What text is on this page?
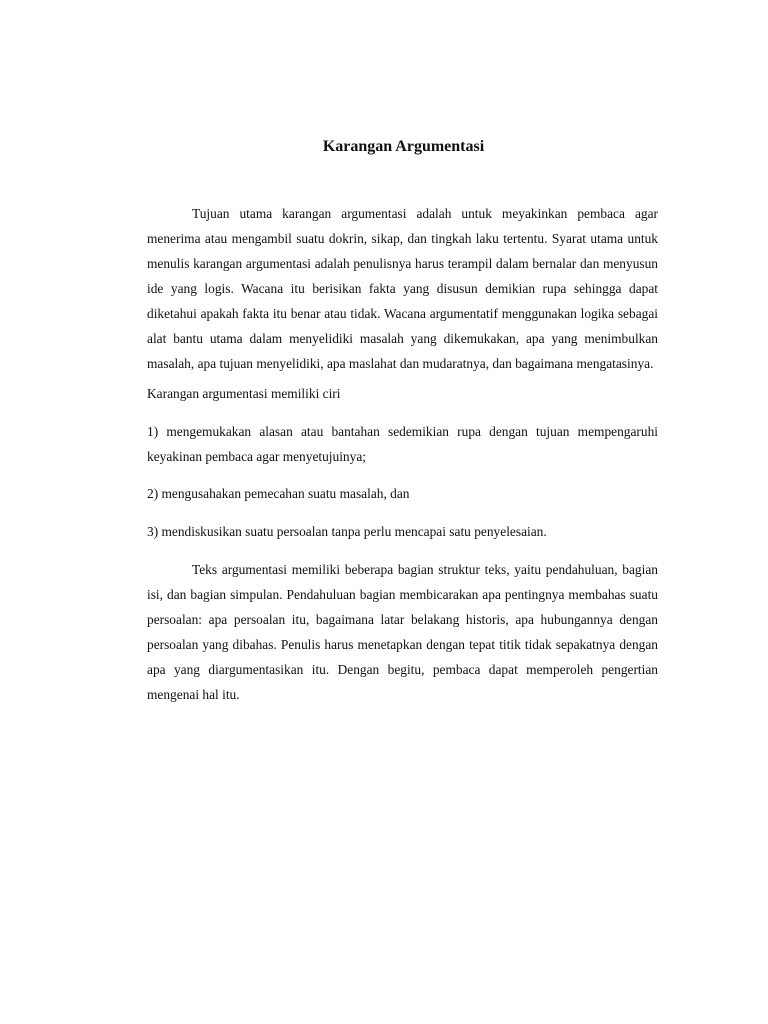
Karangan Argumentasi

Tujuan utama karangan argumentasi adalah untuk meyakinkan pembaca agar menerima atau mengambil suatu dokrin, sikap, dan tingkah laku tertentu. Syarat utama untuk menulis karangan argumentasi adalah penulisnya harus terampil dalam bernalar dan menyusun ide yang logis. Wacana itu berisikan fakta yang disusun demikian rupa sehingga dapat diketahui apakah fakta itu benar atau tidak. Wacana argumentatif menggunakan logika sebagai alat bantu utama dalam menyelidiki masalah yang dikemukakan, apa yang menimbulkan masalah, apa tujuan menyelidiki, apa maslahat dan mudaratnya, dan bagaimana mengatasinya.

Karangan argumentasi memiliki ciri

1) mengemukakan alasan atau bantahan sedemikian rupa dengan tujuan mempengaruhi keyakinan pembaca agar menyetujuinya;

2) mengusahakan pemecahan suatu masalah, dan

3) mendiskusikan suatu persoalan tanpa perlu mencapai satu penyelesaian.

Teks argumentasi memiliki beberapa bagian struktur teks, yaitu pendahuluan, bagian isi, dan bagian simpulan. Pendahuluan bagian membicarakan apa pentingnya membahas suatu persoalan: apa persoalan itu, bagaimana latar belakang historis, apa hubungannya dengan persoalan yang dibahas. Penulis harus menetapkan dengan tepat titik tidak sepakatnya dengan apa yang diargumentasikan itu. Dengan begitu, pembaca dapat memperoleh pengertian mengenai hal itu.
